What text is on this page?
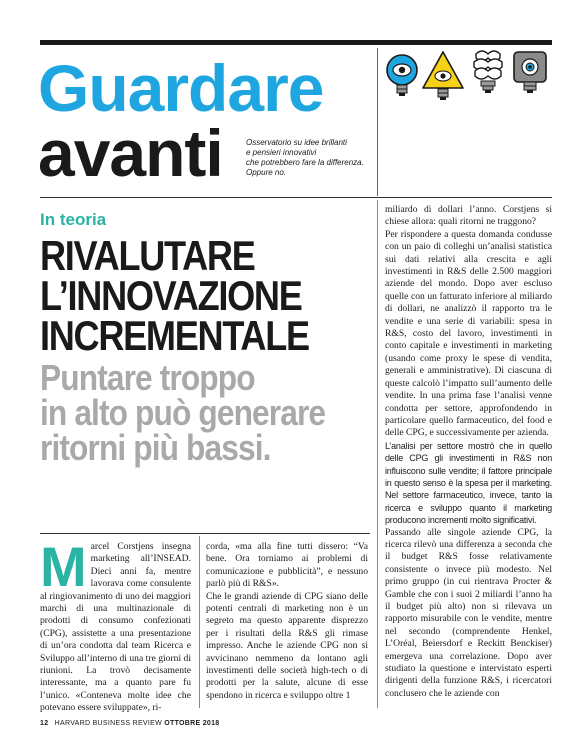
Guardare
avanti	Osservatorio su idee brillanti
e pensieri innovativi
che potrebbero fare la differenza.
Oppure no.
In teoria
RIVALUTARE
L’INNOVAZIONE
INCREMENTALE
Puntare troppo
in alto può generare
ritorni più bassi.

miliardo di dollari l’anno. Corstjens si chiese allora: quali ritorni ne traggono?

Per rispondere a questa domanda condusse con un paio di colleghi un’analisi statistica sui dati relativi alla crescita e agli investimenti in R&S delle 2.500 maggiori aziende del mondo. Dopo aver escluso quelle con un fatturato inferiore al miliardo di dollari, ne analizzò il rapporto tra le vendite e una serie di variabili: spesa in R&S, costo del lavoro, investimenti in conto capitale e investimenti in marketing (usando come proxy le spese di vendita, generali e amministrative). Di ciascuna di queste calcolò l’impatto sull’aumento delle vendite. In una prima fase l’analisi venne condotta per settore, approfondendo in particolare quello farmaceutico, del food e delle CPG, e successivamente per azienda.

L’analisi per settore mostrò che in quello delle CPG gli investimenti in R&S non influiscono sulle vendite; il fattore principale in questo senso è la spesa per il marketing. Nel settore farmaceutico, invece, tanto la ricerca e sviluppo quanto il marketing producono incrementi molto significativi.

Passando alle singole aziende CPG, la ricerca rilevò una differenza a seconda che il budget R&S fosse relativamente consistente o invece più modesto. Nel primo gruppo (in cui rientrava Procter & Gamble che con i suoi 2 miliardi l’anno ha il budget più alto) non si rilevava un rapporto misurabile con le vendite, mentre nel secondo (comprendente Henkel, L’Oréal, Beiersdorf e Reckitt Benckiser) emergeva una correlazione. Dopo aver studiato la questione e intervistato esperti dirigenti della funzione R&S, i ricercatori conclusero che le aziende con

M arcel Corstjens insegna marketing all’INSEAD. Dieci anni fa, mentre lavorava come consulente al ringiovanimento di uno dei maggiori marchi di una multinazionale di prodotti di consumo confezionati (CPG), assistette a una presentazione di un’ora condotta dal team Ricerca e Sviluppo all’interno di una tre giorni di riunioni. La trovò decisamente interessante, ma a quanto pare fu l’unico. «Conteneva molte idee che potevano essere sviluppate», ri-

corda, «ma alla fine tutti dissero: “Va bene. Ora torniamo ai problemi di comunicazione e pubblicità”, e nessuno parlò più di R&S».

Che le grandi aziende di CPG siano delle potenti centrali di marketing non è un segreto ma questo apparente disprezzo per i risultati della R&S gli rimase impresso. Anche le aziende CPG non si avvicinano nemmeno da lontano agli investimenti delle società high-tech o di prodotti per la salute, alcune di esse spendono in ricerca e sviluppo oltre 1

12 HARVARD BUSINESS REVIEW OTTOBRE 2018
